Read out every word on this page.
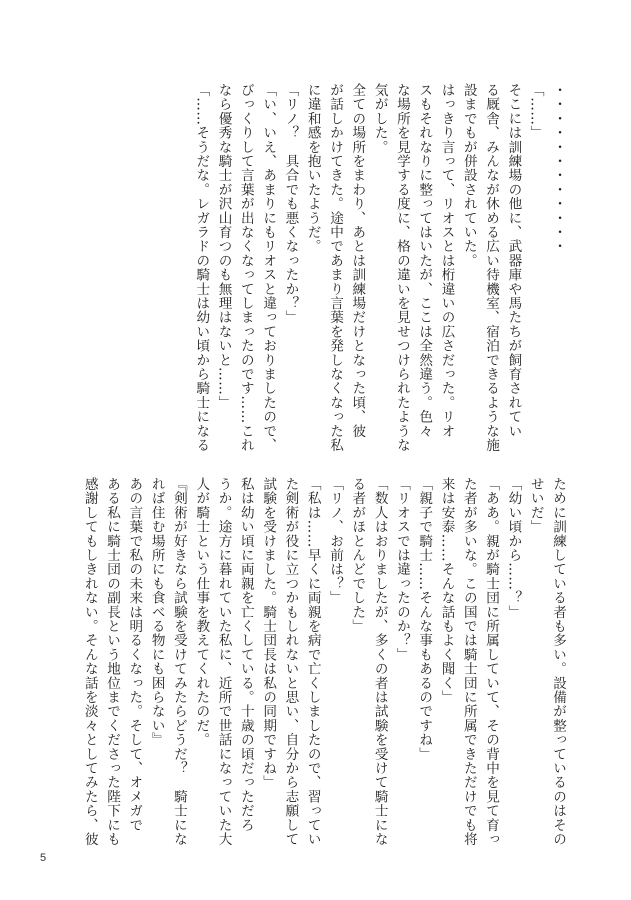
・・・・・・・・・・・・
「……」
そこには訓練場の他に、武器庫や馬たちが飼育されてい
る厩舎、みんなが休める広い待機室、宿泊できるような施
設までもが併設されていた。
はっきり言って、リオスとは桁違いの広さだった。リオ
スもそれなりに整ってはいたが、ここは全然違う。色々
な場所を見学する度に、格の違いを見せつけられたような
気がした。
全ての場所をまわり、あとは訓練場だけとなった頃、彼
が話しかけてきた。途中であまり言葉を発しなくなった私
に違和感を抱いたようだ。
「リノ？　具合でも悪くなったか？」
「い、いえ、あまりにもリオスと違っておりましたので、
びっくりして言葉が出なくなってしまったのです……これ
なら優秀な騎士が沢山育つのも無理はないと……」
「……そうだな。レガラドの騎士は幼い頃から騎士になる
ために訓練している者も多い。設備が整っているのはその
せいだ」
「幼い頃から……？」
「ああ。親が騎士団に所属していて、その背中を見て育っ
た者が多いな。この国では騎士団に所属できただけでも将
来は安泰……そんな話もよく聞く」
「親子で騎士……そんな事もあるのですね」
「リオスでは違ったのか？」
「数人はおりましたが、多くの者は試験を受けて騎士にな
る者がほとんどでした」
「リノ、お前は？」
「私は……早くに両親を病で亡くしましたので、習ってい
た剣術が役に立つかもしれないと思い、自分から志願して
試験を受けました。騎士団長は私の同期ですね」
私は幼い頃に両親を亡くしている。十歳の頃だっただろ
うか。途方に暮れていた私に、近所で世話になっていた大
人が騎士という仕事を教えてくれたのだ。
『剣術が好きなら試験を受けてみたらどうだ？　騎士にな
れば住む場所にも食べる物にも困らない』
あの言葉で私の未来は明るくなった。そして、オメガで
ある私に騎士団の副長という地位までくださった陛下にも
感謝してもしきれない。そんな話を淡々としてみたら、彼
5
